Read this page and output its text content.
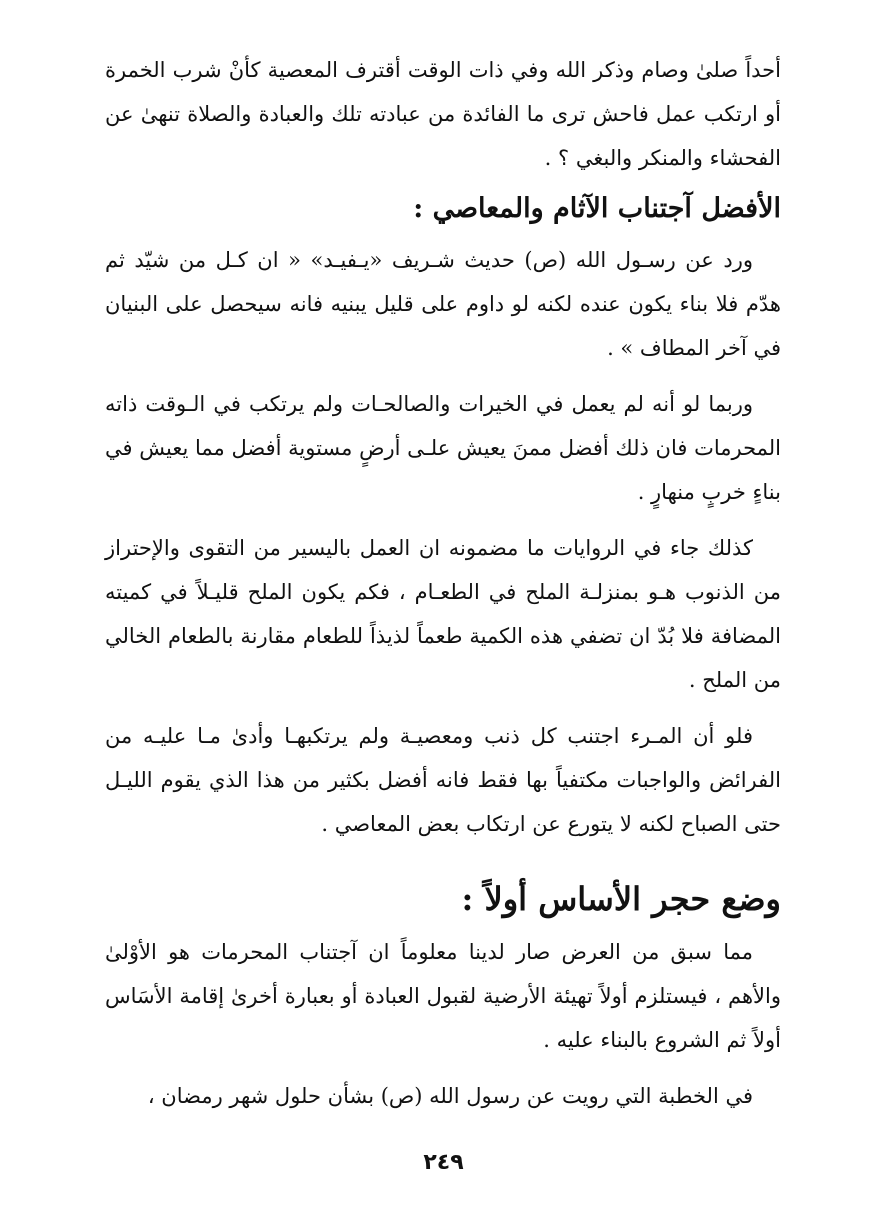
أحداً صلىٰ وصام وذكر الله وفي ذات الوقت أقترف المعصية كأنْ شرب الخمرة أو ارتكب عمل فاحش ترى ما الفائدة من عبادته تلك والعبادة والصلاة تنهىٰ عن الفحشاء والمنكر والبغي ؟ .

الأفضل آجتناب الآثام والمعاصي :

ورد عن رسـول الله (ص) حديث شـريف «يـفيـد» « ان كـل من شيّد ثم هدّم فلا بناء يكون عنده لكنه لو داوم على قليل يبنيه فانه سيحصل على البنيان في آخر المطاف » .

وربما لو أنه لم يعمل في الخيرات والصالحـات ولم يرتكب في الـوقت ذاته المحرمات فان ذلك أفضل ممنَ يعيش علـى أرضٍ مستوية أفضل مما يعيش في بناءٍ خربٍ منهارٍ .

كذلك جاء في الروايات ما مضمونه ان العمل باليسير من التقوى والإحتراز من الذنوب هـو بمنزلـة الملح في الطعـام ، فكم يكون الملح قليـلاً في كميته المضافة فلا بُدّ ان تضفي هذه الكمية طعماً لذيذاً للطعام مقارنة بالطعام الخالي من الملح .

فلو أن المـرء اجتنب كل ذنب ومعصيـة ولم يرتكبهـا وأدىٰ مـا عليـه من الفرائض والواجبات مكتفياً بها فقط فانه أفضل بكثير من هذا الذي يقوم الليـل حتى الصباح لكنه لا يتورع عن ارتكاب بعض المعاصي .

وضع حجر الأساس أولاً :

مما سبق من العرض صار لدينا معلوماً ان آجتناب المحرمات هو الأوْلىٰ والأهم ، فيستلزم أولاً تهيئة الأرضية لقبول العبادة أو بعبارة أخرىٰ إقامة الأسَاس أولاً ثم الشروع بالبناء عليه .

في الخطبة التي رويت عن رسول الله (ص) بشأن حلول شهر رمضان ،

٢٤٩
